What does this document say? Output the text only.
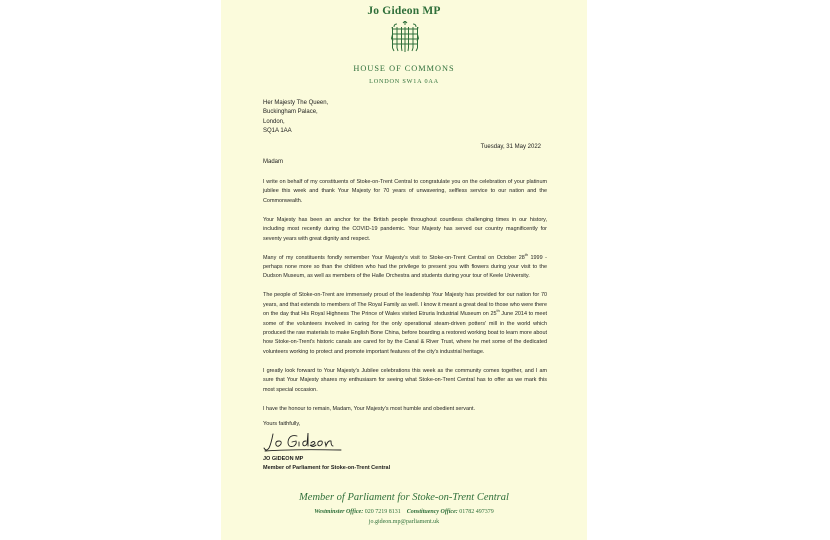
Jo Gideon MP
HOUSE OF COMMONS
LONDON SW1A 0AA
Her Majesty The Queen,
Buckingham Palace,
London,
SQ1A 1AA
Tuesday, 31 May 2022
Madam

I write on behalf of my constituents of Stoke-on-Trent Central to congratulate you on the celebration of your platinum jubilee this week and thank Your Majesty for 70 years of unwavering, selfless service to our nation and the Commonwealth.

Your Majesty has been an anchor for the British people throughout countless challenging times in our history, including most recently during the COVID-19 pandemic. Your Majesty has served our country magnificently for seventy years with great dignity and respect.

Many of my constituents fondly remember Your Majesty's visit to Stoke-on-Trent Central on October 28th 1999 - perhaps none more so than the children who had the privilege to present you with flowers during your visit to the Dudson Museum, as well as members of the Halle Orchestra and students during your tour of Keele University.

The people of Stoke-on-Trent are immensely proud of the leadership Your Majesty has provided for our nation for 70 years, and that extends to members of The Royal Family as well. I know it meant a great deal to those who were there on the day that His Royal Highness The Prince of Wales visited Etruria Industrial Museum on 25th June 2014 to meet some of the volunteers involved in caring for the only operational steam-driven potters' mill in the world which produced the raw materials to make English Bone China, before boarding a restored working boat to learn more about how Stoke-on-Trent's historic canals are cared for by the Canal & River Trust, where he met some of the dedicated volunteers working to protect and promote important features of the city's industrial heritage.

I greatly look forward to Your Majesty's Jubilee celebrations this week as the community comes together, and I am sure that Your Majesty shares my enthusiasm for seeing what Stoke-on-Trent Central has to offer as we mark this most special occasion.

I have the honour to remain, Madam, Your Majesty's most humble and obedient servant.

Yours faithfully,
JO GIDEON MP
Member of Parliament for Stoke-on-Trent Central
Member of Parliament for Stoke-on-Trent Central
Westminster Office: 020 7219 8131 Constituency Office: 01782 497379
jo.gideon.mp@parliament.uk
